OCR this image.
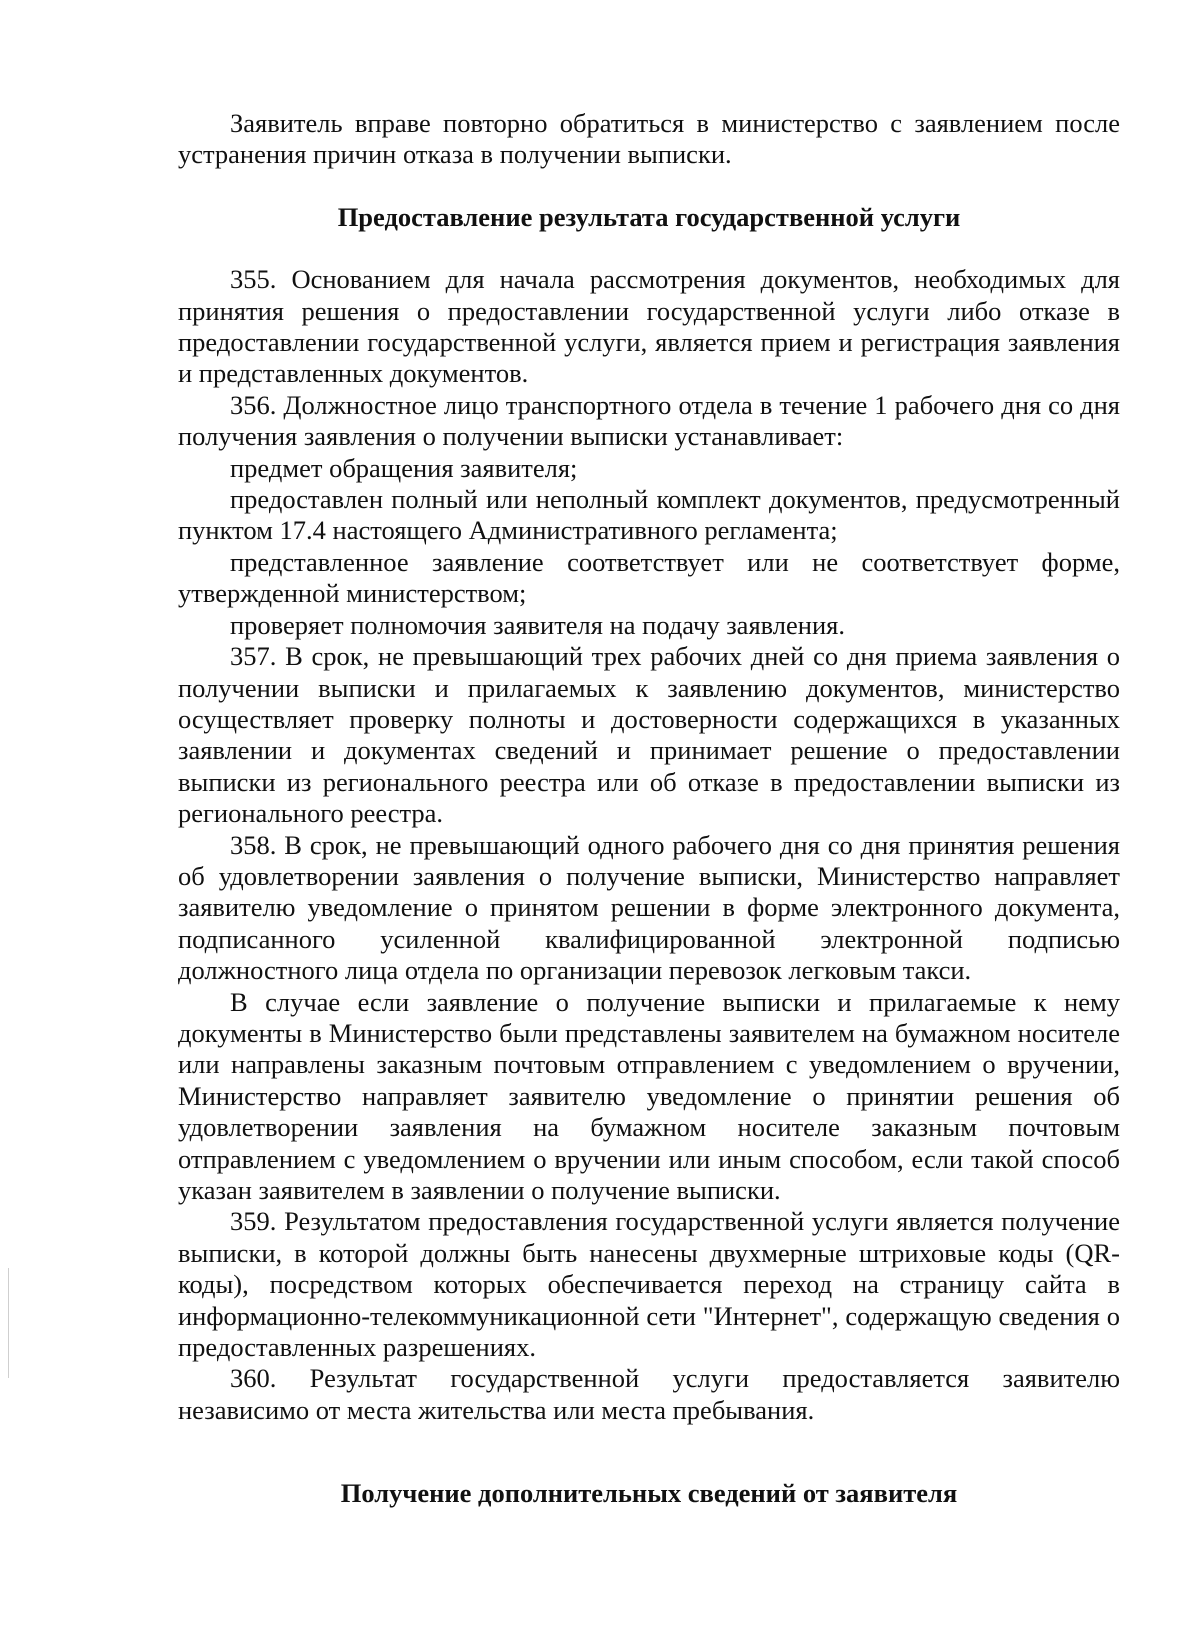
Заявитель вправе повторно обратиться в министерство с заявлением после устранения причин отказа в получении выписки.

Предоставление результата государственной услуги

355. Основанием для начала рассмотрения документов, необходимых для принятия решения о предоставлении государственной услуги либо отказе в предоставлении государственной услуги, является прием и регистрация заявления и представленных документов.

356. Должностное лицо транспортного отдела в течение 1 рабочего дня со дня получения заявления о получении выписки устанавливает:

предмет обращения заявителя;

предоставлен полный или неполный комплект документов, предусмотренный пунктом 17.4 настоящего Административного регламента;

представленное заявление соответствует или не соответствует форме, утвержденной министерством;

проверяет полномочия заявителя на подачу заявления.

357. В срок, не превышающий трех рабочих дней со дня приема заявления о получении выписки и прилагаемых к заявлению документов, министерство осуществляет проверку полноты и достоверности содержащихся в указанных заявлении и документах сведений и принимает решение о предоставлении выписки из регионального реестра или об отказе в предоставлении выписки из регионального реестра.

358. В срок, не превышающий одного рабочего дня со дня принятия решения об удовлетворении заявления о получение выписки, Министерство направляет заявителю уведомление о принятом решении в форме электронного документа, подписанного усиленной квалифицированной электронной подписью должностного лица отдела по организации перевозок легковым такси.

В случае если заявление о получение выписки и прилагаемые к нему документы в Министерство были представлены заявителем на бумажном носителе или направлены заказным почтовым отправлением с уведомлением о вручении, Министерство направляет заявителю уведомление о принятии решения об удовлетворении заявления на бумажном носителе заказным почтовым отправлением с уведомлением о вручении или иным способом, если такой способ указан заявителем в заявлении о получение выписки.

359. Результатом предоставления государственной услуги является получение выписки, в которой должны быть нанесены двухмерные штриховые коды (QR-коды), посредством которых обеспечивается переход на страницу сайта в информационно-телекоммуникационной сети "Интернет", содержащую сведения о предоставленных разрешениях.

360. Результат государственной услуги предоставляется заявителю независимо от места жительства или места пребывания.

Получение дополнительных сведений от заявителя
